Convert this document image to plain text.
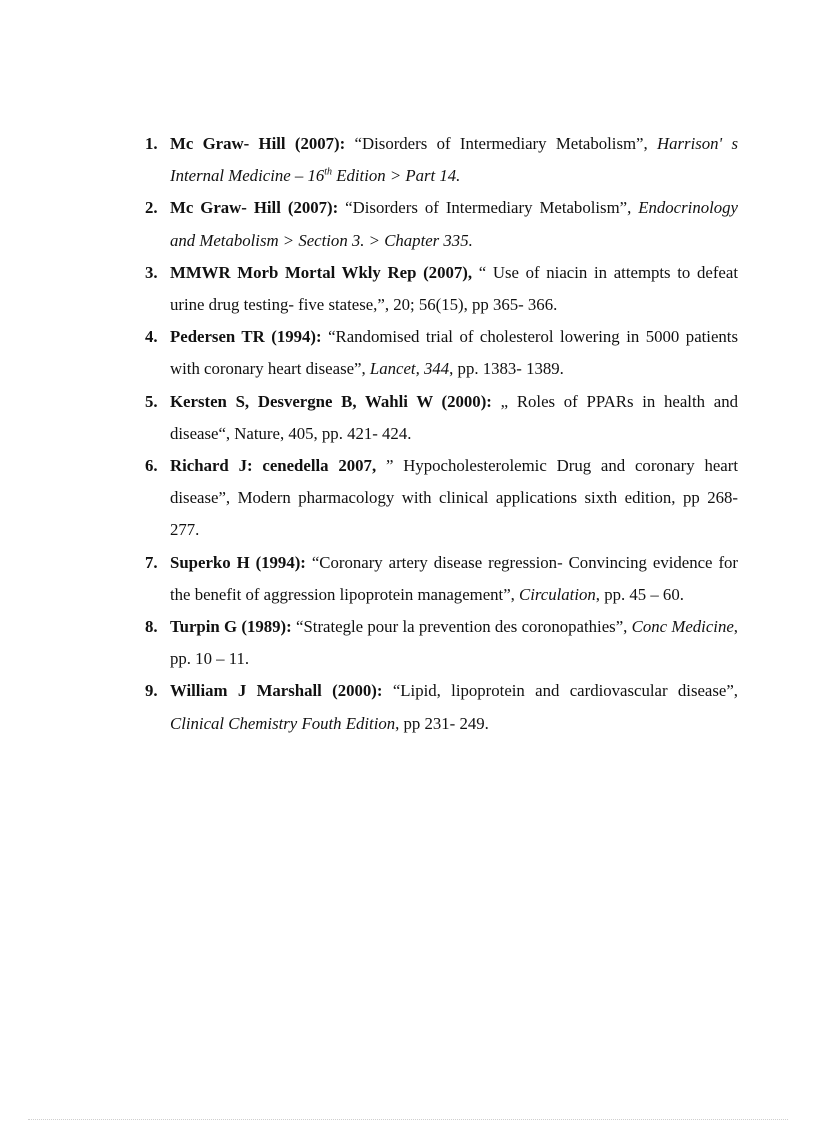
1. Mc Graw- Hill (2007): “Disorders of Intermediary Metabolism”, Harrison' s Internal Medicine – 16th Edition > Part 14.
2. Mc Graw- Hill (2007): “Disorders of Intermediary Metabolism”, Endocrinology and Metabolism > Section 3. > Chapter 335.
3. MMWR Morb Mortal Wkly Rep (2007), “ Use of niacin in attempts to defeat urine drug testing- five statese,”, 20; 56(15), pp 365- 366.
4. Pedersen TR (1994): “Randomised trial of cholesterol lowering in 5000 patients with coronary heart disease”, Lancet, 344, pp. 1383- 1389.
5. Kersten S, Desvergne B, Wahli W (2000): „ Roles of PPARs in health and disease“, Nature, 405, pp. 421- 424.
6. Richard J: cenedella 2007, ” Hypocholesterolemic Drug and coronary heart disease”, Modern pharmacology with clinical applications sixth edition, pp 268- 277.
7. Superko H (1994): “Coronary artery disease regression- Convincing evidence for the benefit of aggression lipoprotein management”, Circulation, pp. 45 – 60.
8. Turpin G (1989): “Strategle pour la prevention des coronopathies”, Conc Medicine, pp. 10 – 11.
9. William J Marshall (2000): “Lipid, lipoprotein and cardiovascular disease”, Clinical Chemistry Fouth Edition, pp 231- 249.
